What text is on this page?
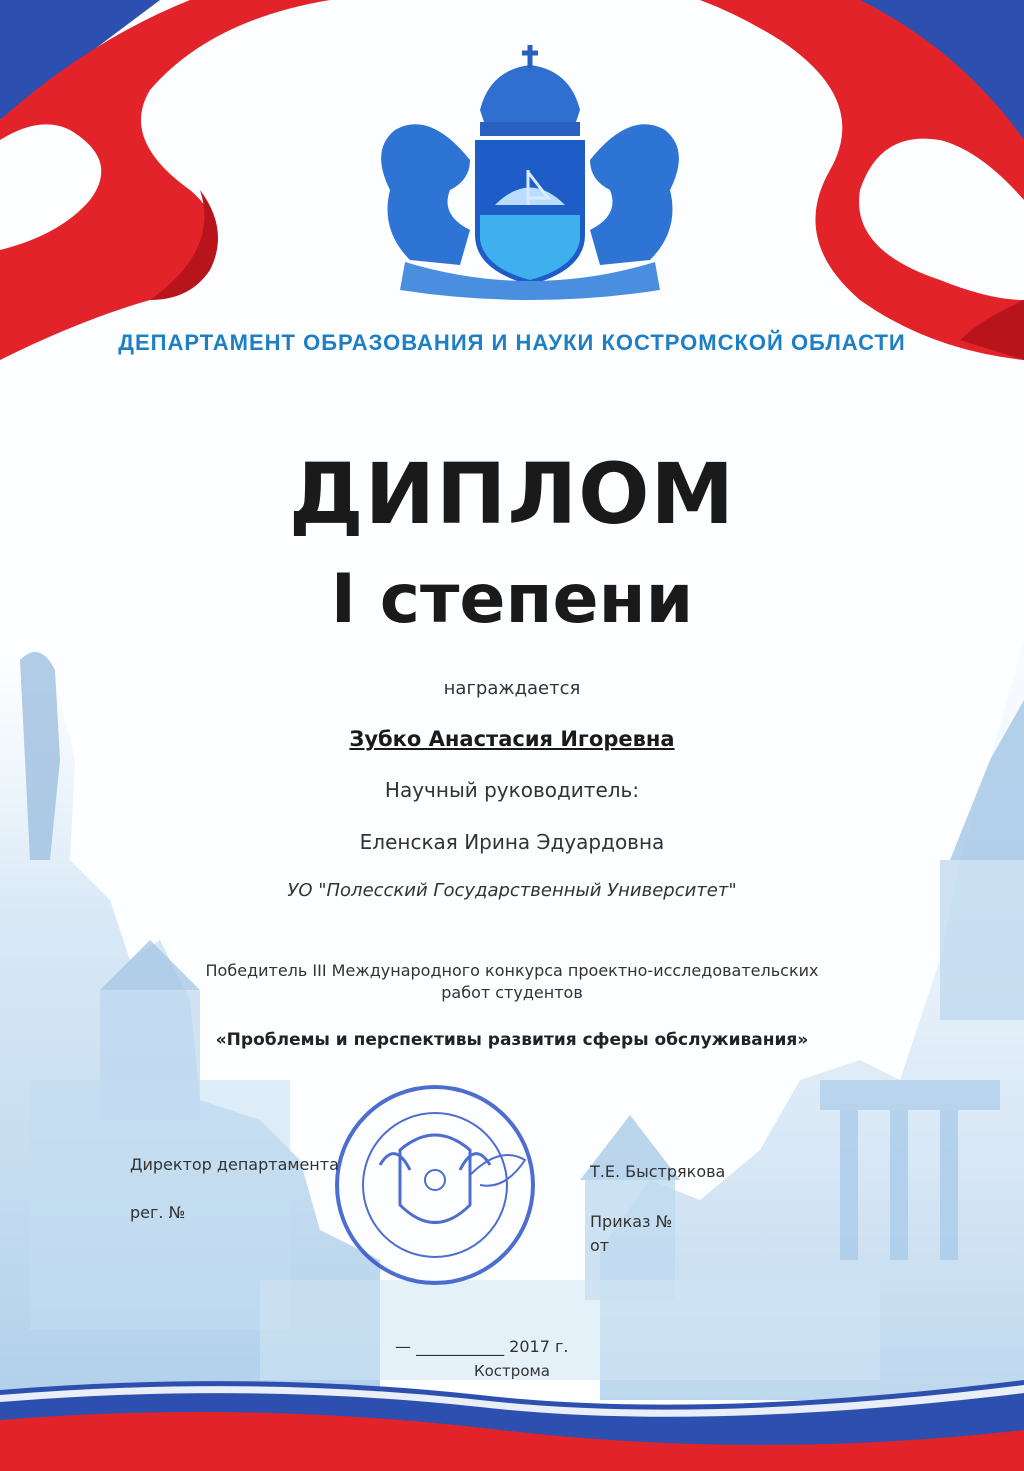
ДЕПАРТАМЕНТ ОБРАЗОВАНИЯ И НАУКИ КОСТРОМСКОЙ ОБЛАСТИ

ДИПЛОМ

I степени

награждается

Зубко Анастасия Игоревна

Научный руководитель:

Еленская Ирина Эдуардовна

УО "Полесский Государственный Университет"

Победитель III Международного конкурса проектно-исследовательских
работ студентов

«Проблемы и перспективы развития сферы обслуживания»

Директор департамента	Т.Е. Быстрякова

рег. №	Приказ №

от

— ___________ 2017 г.

Кострома
